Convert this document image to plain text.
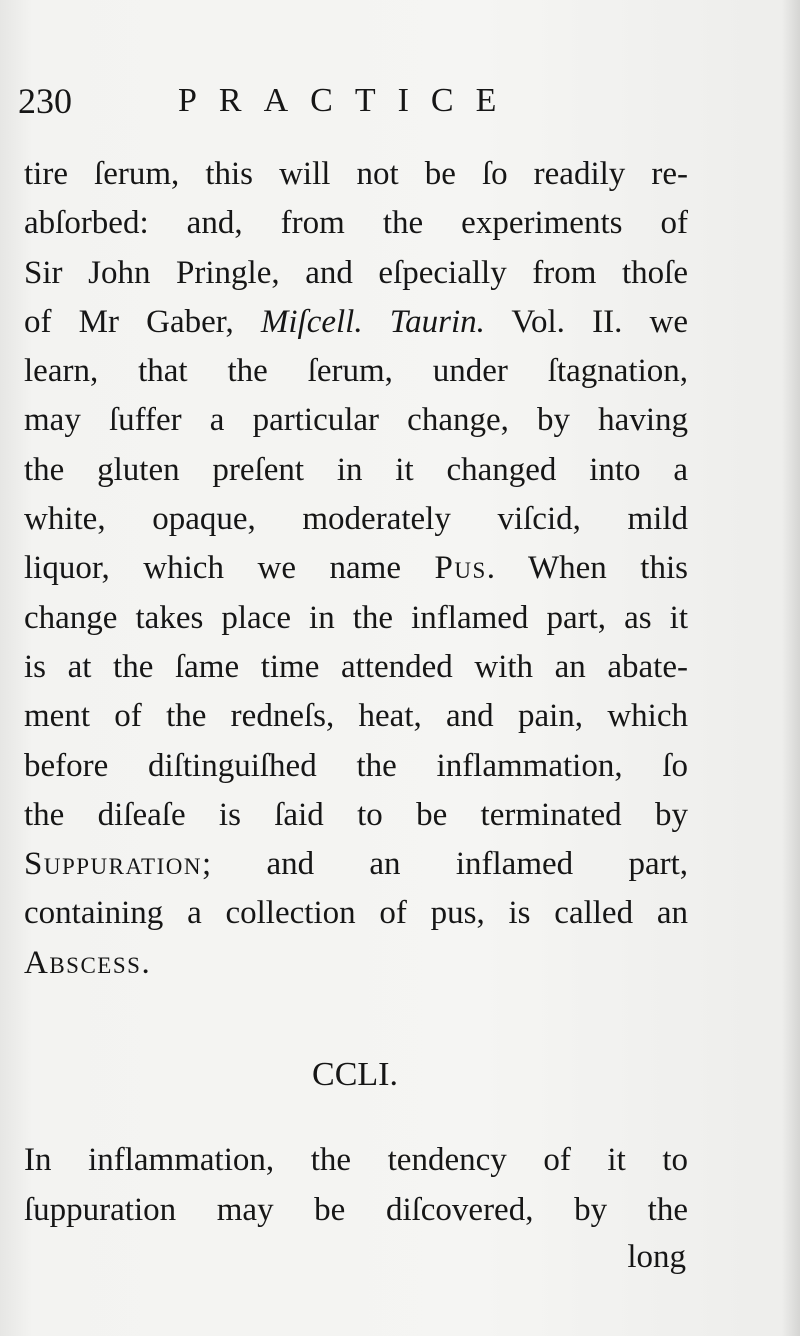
230	PRACTICE
tire ſerum, this will not be ſo readily re-
abſorbed: and, from the experiments of
Sir John Pringle, and eſpecially from thoſe
of Mr Gaber, Miſcell. Taurin. Vol. II. we
learn, that the ſerum, under ſtagnation,
may ſuffer a particular change, by having
the gluten preſent in it changed into a
white, opaque, moderately viſcid, mild
liquor, which we name Pus. When this
change takes place in the inflamed part, as it
is at the ſame time attended with an abate-
ment of the redneſs, heat, and pain, which
before diſtinguiſhed the inflammation, ſo
the diſeaſe is ſaid to be terminated by
Suppuration; and an inflamed part,
containing a collection of pus, is called an
Abscess.
CCLI.
In inflammation, the tendency of it to
ſuppuration may be diſcovered, by the
long
